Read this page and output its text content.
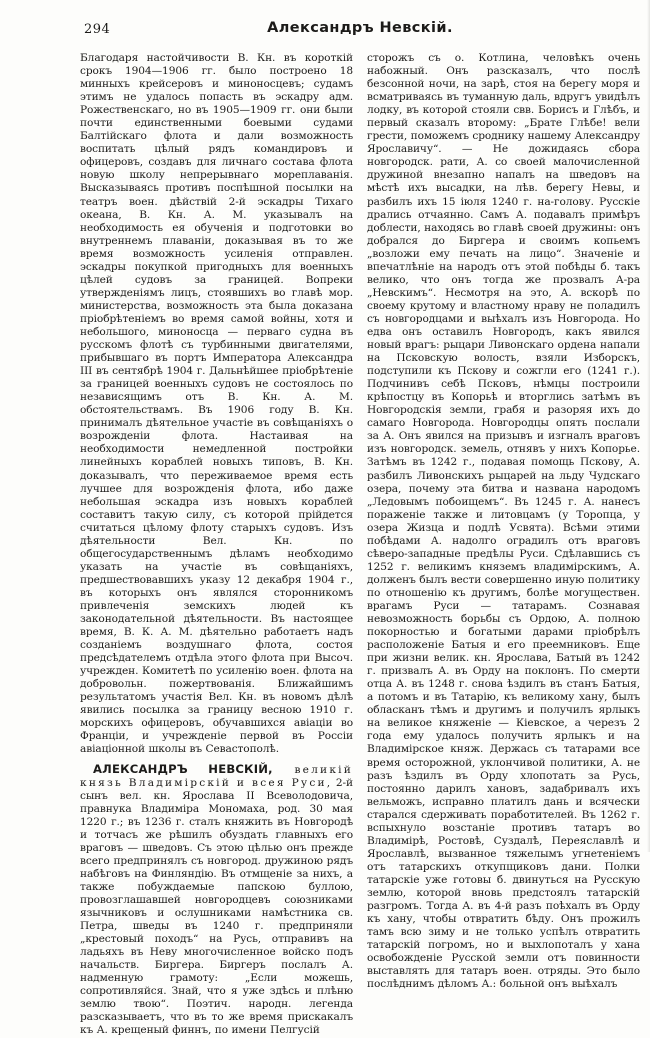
294	Александръ Невскій.

Благодаря настойчивости В. Кн. въ короткій срокъ 1904—1906 гг. было построено 18 минныхъ крейсеровъ и миноносцевъ; судамъ этимъ не удалось попасть въ эскадру адм. Рожественскаго, но въ 1905—1909 гг. они были почти единственными боевыми судами Балтійскаго флота и дали возможность воспитать цѣлый рядъ командировъ и офицеровъ, создавъ для личнаго состава флота новую школу непрерывнаго мореплаванія. Высказываясь противъ поспѣшной посылки на театръ воен. дѣйствій 2-й эскадры Тихаго океана, В. Кн. А. М. указывалъ на необходимость ея обученія и подготовки во внутреннемъ плаваніи, доказывая въ то же время возможность усиленія отправлен. эскадры покупкой пригодныхъ для военныхъ цѣлей судовъ за границей. Вопреки утвержденіямъ лицъ, стоявшихъ во главѣ мор. министерства, возможность эта была доказана пріобрѣтеніемъ во время самой войны, хотя и небольшого, миноносца — перваго судна въ русскомъ флотѣ съ турбинными двигателями, прибывшаго въ портъ Императора Александра III въ сентябрѣ 1904 г. Дальнѣйшее пріобрѣтеніе за границей военныхъ судовъ не состоялось по независящимъ отъ В. Кн. А. М. обстоятельствамъ. Въ 1906 году В. Кн. принималъ дѣятельное участіе въ совѣщаніяхъ о возрожденіи флота. Настаивая на необходимости немедленной постройки линейныхъ кораблей новыхъ типовъ, В. Кн. доказывалъ, что переживаемое время есть лучшее для возрожденія флота, ибо даже небольшая эскадра изъ новыхъ кораблей составитъ такую силу, съ которой прійдется считаться цѣлому флоту старыхъ судовъ. Изъ дѣятельности Вел. Кн. по общегосударственнымъ дѣламъ необходимо указать на участіе въ совѣщаніяхъ, предшествовавшихъ указу 12 декабря 1904 г., въ которыхъ онъ являлся сторонникомъ привлеченія земскихъ людей къ законодательной дѣятельности. Въ настоящее время, В. К. А. М. дѣятельно работаетъ надъ созданіемъ воздушнаго флота, состоя предсѣдателемъ отдѣла этого флота при Высоч. учрежден. Комитетѣ по усиленію воен. флота на добровольн. пожертвованія. Ближайшимъ результатомъ участія Вел. Кн. въ новомъ дѣлѣ явились посылка за границу весною 1910 г. морскихъ офицеровъ, обучавшихся авіаціи во Франціи, и учрежденіе первой въ Россіи авіаціонной школы въ Севастополѣ.

АЛЕКСАНДРЪ НЕВСКІЙ, великій князь Владимірскій и всея Руси, 2-й сынъ вел. кн. Ярослава II Всеволодовича, правнука Владиміра Мономаха, род. 30 мая 1220 г.; въ 1236 г. сталъ княжить въ Новгородѣ и тотчасъ же рѣшилъ обуздать главныхъ его враговъ — шведовъ. Съ этою цѣлью онъ прежде всего предпринялъ съ новгород. дружиною рядъ набѣговъ на Финляндію. Въ отмщеніе за нихъ, а также побуждаемые папскою буллою, провозглашавшей новгородцевъ союзниками язычниковъ и ослушниками намѣстника св. Петра, шведы въ 1240 г. предприняли „крестовый походъ“ на Русь, отправивъ на ладьяхъ въ Неву многочисленное войско подъ начальств. Биргера. Биргеръ послалъ А. надменную грамоту: „Если можешь, сопротивляйся. Знай, что я уже здѣсь и плѣню землю твою“. Поэтич. народн. легенда разсказываетъ, что въ то же время прискакалъ къ А. крещеный финнъ, по имени Пелгусій

сторожъ съ о. Котлина, человѣкъ очень набожный. Онъ разсказалъ, что послѣ безсонной ночи, на зарѣ, стоя на берегу моря и всматриваясь въ туманную даль, вдругъ увидѣлъ лодку, въ которой стояли свв. Борисъ и Глѣбъ, и первый сказалъ второму: „Брате Глѣбе! вели грести, поможемъ сроднику нашему Александру Ярославичу“. — Не дожидаясь сбора новгородск. рати, А. со своей малочисленной дружиной внезапно напалъ на шведовъ на мѣстѣ ихъ высадки, на лѣв. берегу Невы, и разбилъ ихъ 15 іюля 1240 г. на-голову. Русскіе дрались отчаянно. Самъ А. подавалъ примѣръ доблести, находясь во главѣ своей дружины: онъ добрался до Биргера и своимъ копьемъ „возложи ему печать на лицо“. Значеніе и впечатлѣніе на народъ отъ этой побѣды б. такъ велико, что онъ тогда же прозвалъ А-ра „Невскимъ“. Несмотря на это, А. вскорѣ по своему крутому и властному нраву не поладилъ съ новгородцами и выѣхалъ изъ Новгорода. Но едва онъ оставилъ Новгородъ, какъ явился новый врагъ: рыцари Ливонскаго ордена напали на Псковскую волость, взяли Изборскъ, подступили къ Пскову и сожгли его (1241 г.). Подчинивъ себѣ Псковъ, нѣмцы построили крѣпостцу въ Копорьѣ и вторглись затѣмъ въ Новгородскія земли, грабя и разоряя ихъ до самаго Новгорода. Новгородцы опять послали за А. Онъ явился на призывъ и изгналъ враговъ изъ новгородск. земель, отнявъ у нихъ Копорье. Затѣмъ въ 1242 г., подавая помощь Пскову, А. разбилъ Ливонскихъ рыцарей на льду Чудскаго озера, почему эта битва и названа народомъ „Ледовымъ побоищемъ“. Въ 1245 г. А. нанесъ пораженіе также и литовцамъ (у Торопца, у озера Жизца и подлѣ Усвята). Всѣми этими побѣдами А. надолго оградилъ отъ враговъ сѣверо-западные предѣлы Руси. Сдѣлавшись съ 1252 г. великимъ княземъ владимірскимъ, А. долженъ былъ вести совершенно иную политику по отношенію къ другимъ, болѣе могуществен. врагамъ Руси — татарамъ. Сознавая невозможность борьбы съ Ордою, А. полною покорностью и богатыми дарами пріобрѣлъ расположеніе Батыя и его преемниковъ. Еще при жизни велик. кн. Ярослава, Батый въ 1242 г. призвалъ А. въ Орду на поклонъ. По смерти отца А. въ 1248 г. снова ѣздилъ въ станъ Батыя, а потомъ и въ Татарію, къ великому хану, былъ обласканъ тѣмъ и другимъ и получилъ ярлыкъ на великое княженіе — Кіевское, а черезъ 2 года ему удалось получить ярлыкъ и на Владимірское княж. Держась съ татарами все время осторожной, уклончивой политики, А. не разъ ѣздилъ въ Орду хлопотать за Русь, постоянно дарилъ хановъ, задабривалъ ихъ вельможъ, исправно платилъ дань и всячески старался сдерживать поработителей. Въ 1262 г. вспыхнуло возстаніе противъ татаръ во Владимірѣ, Ростовѣ, Суздалѣ, Переяславлѣ и Ярославлѣ, вызванное тяжелымъ угнетеніемъ отъ татарскихъ откупщиковъ дани. Полки татарскіе уже готовы б. двинуться на Русскую землю, которой вновь предстоялъ татарскій разгромъ. Тогда А. въ 4-й разъ поѣхалъ въ Орду къ хану, чтобы отвратить бѣду. Онъ прожилъ тамъ всю зиму и не только успѣлъ отвратить татарскій погромъ, но и выхлопоталъ у хана освобожденіе Русской земли отъ повинности выставлять для татаръ воен. отряды. Это было послѣднимъ дѣломъ А.: больной онъ выѣхалъ
